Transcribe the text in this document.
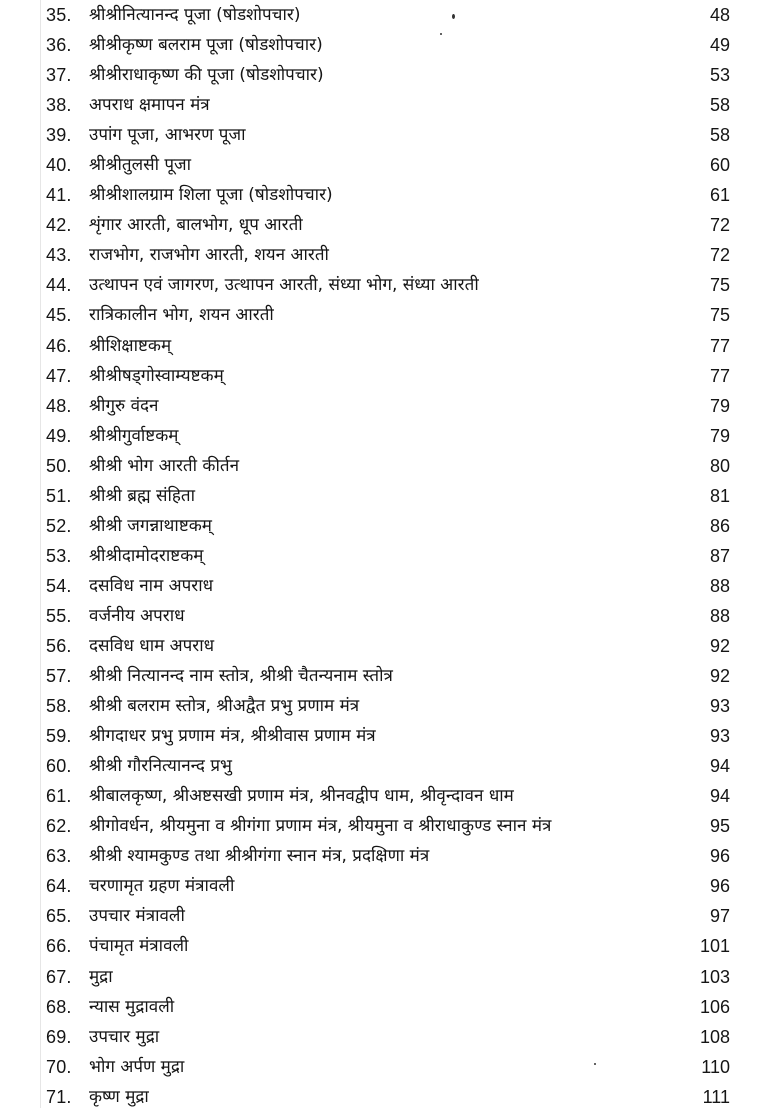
35. श्रीश्रीनित्यानन्द पूजा (षोडशोपचार)	48
36. श्रीश्रीकृष्ण बलराम पूजा (षोडशोपचार)	49
37. श्रीश्रीराधाकृष्ण की पूजा (षोडशोपचार)	53
38. अपराध क्षमापन मंत्र	58
39. उपांग पूजा, आभरण पूजा	58
40. श्रीश्रीतुलसी पूजा	60
41. श्रीश्रीशालग्राम शिला पूजा (षोडशोपचार)	61
42. शृंगार आरती, बालभोग, धूप आरती	72
43. राजभोग, राजभोग आरती, शयन आरती	72
44. उत्थापन एवं जागरण, उत्थापन आरती, संध्या भोग, संध्या आरती	75
45. रात्रिकालीन भोग, शयन आरती	75
46. श्रीशिक्षाष्टकम्	77
47. श्रीश्रीषड्गोस्वाम्यष्टकम्	77
48. श्रीगुरु वंदन	79
49. श्रीश्रीगुर्वाष्टकम्	79
50. श्रीश्री भोग आरती कीर्तन	80
51. श्रीश्री ब्रह्म संहिता	81
52. श्रीश्री जगन्नाथाष्टकम्	86
53. श्रीश्रीदामोदराष्टकम्	87
54. दसविध नाम अपराध	88
55. वर्जनीय अपराध	88
56. दसविध धाम अपराध	92
57. श्रीश्री नित्यानन्द नाम स्तोत्र, श्रीश्री चैतन्यनाम स्तोत्र	92
58. श्रीश्री बलराम स्तोत्र, श्रीअद्वैत प्रभु प्रणाम मंत्र	93
59. श्रीगदाधर प्रभु प्रणाम मंत्र, श्रीश्रीवास प्रणाम मंत्र	93
60. श्रीश्री गौरनित्यानन्द प्रभु	94
61. श्रीबालकृष्ण, श्रीअष्टसखी प्रणाम मंत्र, श्रीनवद्वीप धाम, श्रीवृन्दावन धाम	94
62. श्रीगोवर्धन, श्रीयमुना व श्रीगंगा प्रणाम मंत्र, श्रीयमुना व श्रीराधाकुण्ड स्नान मंत्र	95
63. श्रीश्री श्यामकुण्ड तथा श्रीश्रीगंगा स्नान मंत्र, प्रदक्षिणा मंत्र	96
64. चरणामृत ग्रहण मंत्रावली	96
65. उपचार मंत्रावली	97
66. पंचामृत मंत्रावली	101
67. मुद्रा	103
68. न्यास मुद्रावली	106
69. उपचार मुद्रा	108
70. भोग अर्पण मुद्रा	110
71. कृष्ण मुद्रा	111
